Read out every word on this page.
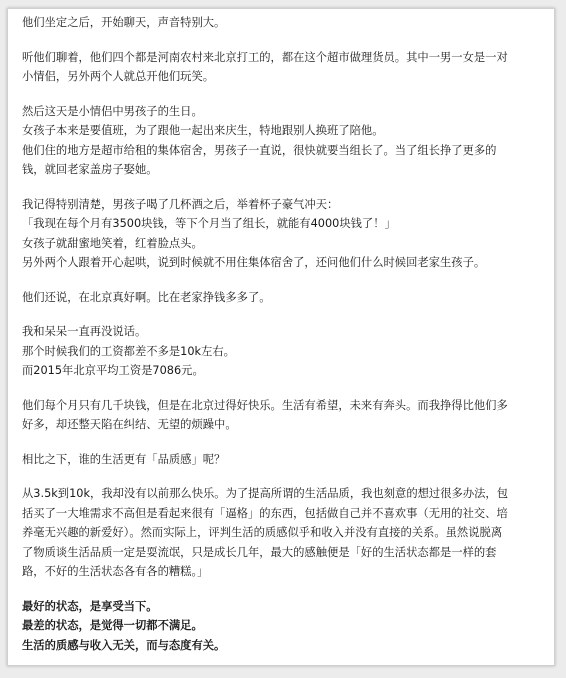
他们坐定之后，开始聊天，声音特别大。

听他们聊着，他们四个都是河南农村来北京打工的，都在这个超市做理货员。其中一男一女是一对
小情侣，另外两个人就总开他们玩笑。

然后这天是小情侣中男孩子的生日。
女孩子本来是要值班，为了跟他一起出来庆生，特地跟别人换班了陪他。
他们住的地方是超市给租的集体宿舍，男孩子一直说，很快就要当组长了。当了组长挣了更多的
钱，就回老家盖房子娶她。

我记得特别清楚，男孩子喝了几杯酒之后，举着杯子豪气冲天：
「我现在每个月有3500块钱，等下个月当了组长，就能有4000块钱了！」
女孩子就甜蜜地笑着，红着脸点头。
另外两个人跟着开心起哄，说到时候就不用住集体宿舍了，还问他们什么时候回老家生孩子。

他们还说，在北京真好啊。比在老家挣钱多多了。

我和呆呆一直再没说话。
那个时候我们的工资都差不多是10k左右。
而2015年北京平均工资是7086元。

他们每个月只有几千块钱，但是在北京过得好快乐。生活有希望，未来有奔头。而我挣得比他们多
好多，却还整天陷在纠结、无望的烦躁中。

相比之下，谁的生活更有「品质感」呢？

从3.5k到10k，我却没有以前那么快乐。为了提高所谓的生活品质，我也刻意的想过很多办法，包
括买了一大堆需求不高但是看起来很有「逼格」的东西，包括做自己并不喜欢事（无用的社交、培
养毫无兴趣的新爱好）。然而实际上，评判生活的质感似乎和收入并没有直接的关系。虽然说脱离
了物质谈生活品质一定是耍流氓，只是成长几年，最大的感触便是「好的生活状态都是一样的套
路，不好的生活状态各有各的糟糕。」

最好的状态，是享受当下。
最差的状态，是觉得一切都不满足。
生活的质感与收入无关，而与态度有关。
